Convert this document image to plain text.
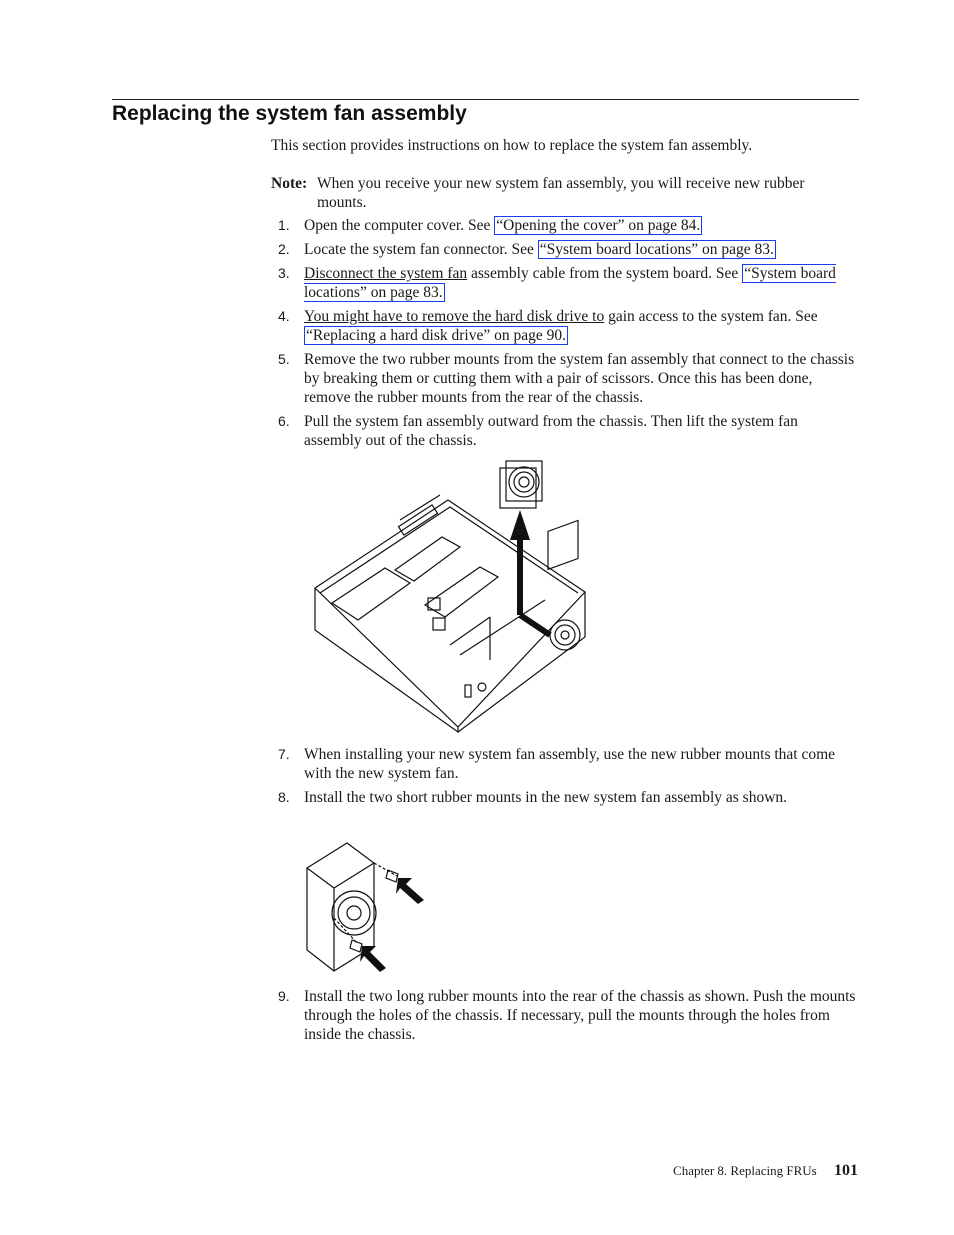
Replacing the system fan assembly
This section provides instructions on how to replace the system fan assembly.
Note: When you receive your new system fan assembly, you will receive new rubber mounts.
1. Open the computer cover. See “Opening the cover” on page 84.
2. Locate the system fan connector. See “System board locations” on page 83.
3. Disconnect the system fan assembly cable from the system board. See “System board locations” on page 83.
4. You might have to remove the hard disk drive to gain access to the system fan. See “Replacing a hard disk drive” on page 90.
5. Remove the two rubber mounts from the system fan assembly that connect to the chassis by breaking them or cutting them with a pair of scissors. Once this has been done, remove the rubber mounts from the rear of the chassis.
6. Pull the system fan assembly outward from the chassis. Then lift the system fan assembly out of the chassis.
7. When installing your new system fan assembly, use the new rubber mounts that come with the new system fan.
8. Install the two short rubber mounts in the new system fan assembly as shown.
9. Install the two long rubber mounts into the rear of the chassis as shown. Push the mounts through the holes of the chassis. If necessary, pull the mounts through the holes from inside the chassis.
Chapter 8. Replacing FRUs 101
